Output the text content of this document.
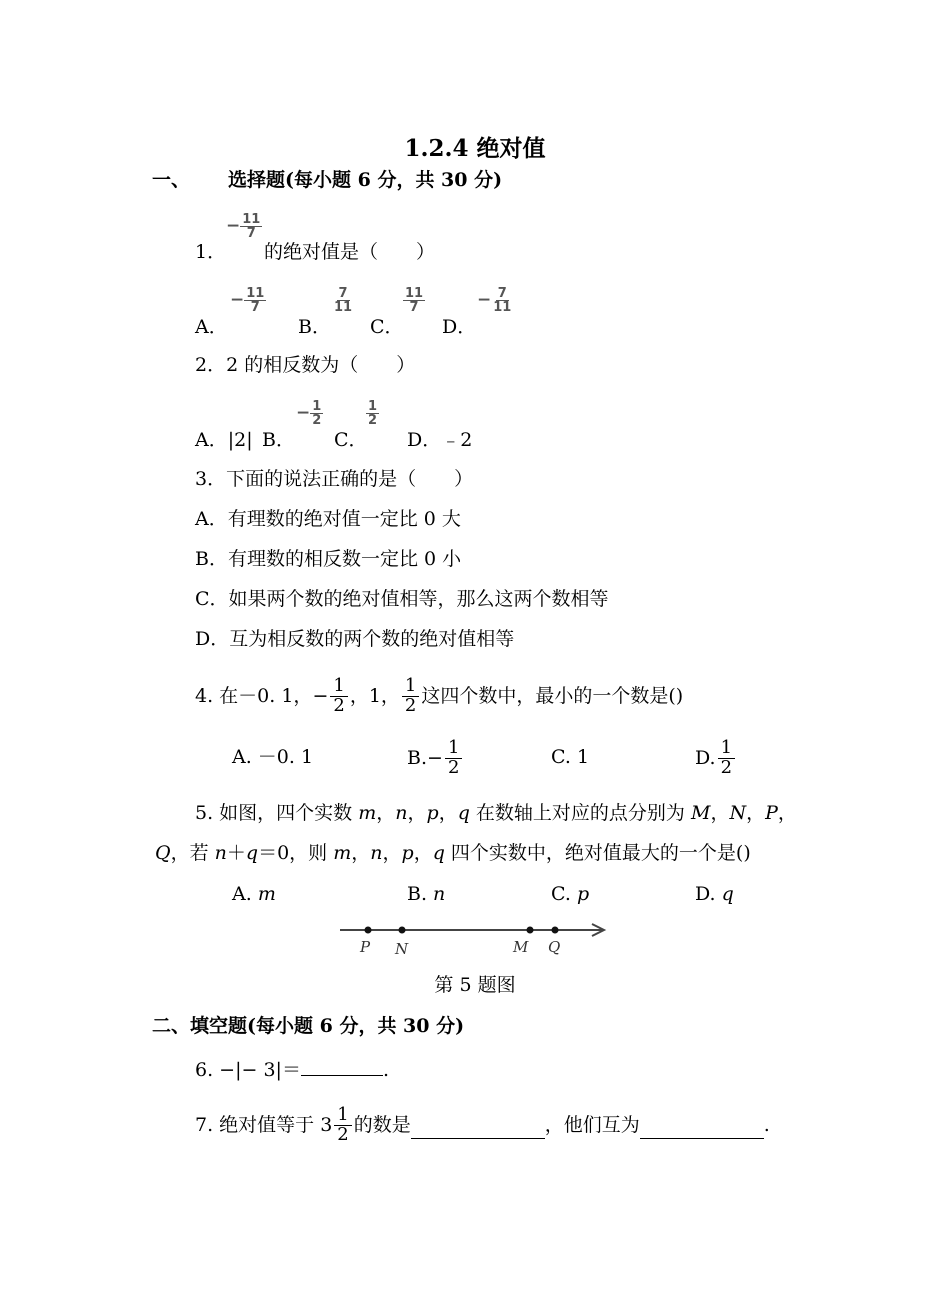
1.2.4 绝对值
一、 选择题(每小题 6 分，共 30 分)
− $\frac{11}{7}$
1． 的绝对值是（　　）
A．
− $\frac{11}{7}$
B．
$\frac{7}{11}$
C．
$\frac{11}{7}$
D．
− $\frac{7}{11}$
2．2 的相反数为（　　）
A．|2| B．
− $\frac{1}{2}$
C．
$\frac{1}{2}$
D．﹣2
3．下面的说法正确的是（　　）
A．有理数的绝对值一定比 0 大
B．有理数的相反数一定比 0 小
C．如果两个数的绝对值相等，那么这两个数相等
D．互为相反数的两个数的绝对值相等
4. 在－0. 1， − $\frac{1}{2}$ ，1， $\frac{1}{2}$ 这四个数中，最小的一个数是()
A. －0. 1	B. − $\frac{1}{2}$	C. 1	D. $\frac{1}{2}$
5. 如图，四个实数 m，n，p，q 在数轴上对应的点分别为 M，N，P，
Q，若 n＋q＝0，则 m，n，p，q 四个实数中，绝对值最大的一个是()
A. m	B. n	C. p	D. q
P N	M Q
第 5 题图
二、填空题(每小题 6 分，共 30 分)
6. −|− 3|＝	.
7. 绝对值等于 $3 \frac{1}{2}$ 的数是	，他们互为	.
